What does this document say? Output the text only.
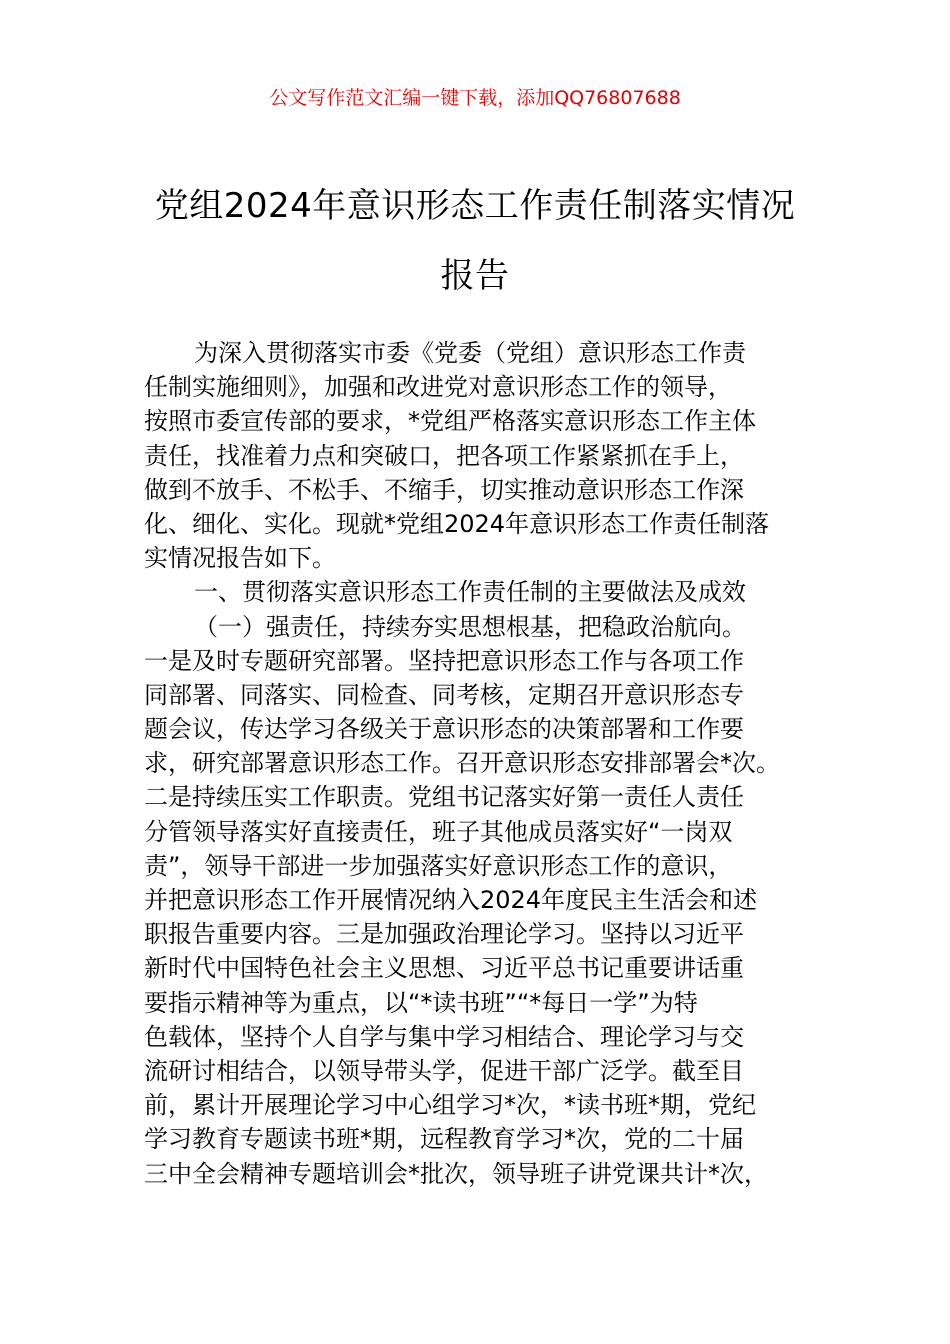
公文写作范文汇编一键下载，添加QQ76807688
党组2024年意识形态工作责任制落实情况
报告
为深入贯彻落实市委《党委（党组）意识形态工作责
任制实施细则》，加强和改进党对意识形态工作的领导，
按照市委宣传部的要求，*党组严格落实意识形态工作主体
责任，找准着力点和突破口，把各项工作紧紧抓在手上，
做到不放手、不松手、不缩手，切实推动意识形态工作深
化、细化、实化。现就*党组2024年意识形态工作责任制落
实情况报告如下。
一、贯彻落实意识形态工作责任制的主要做法及成效
（一）强责任，持续夯实思想根基，把稳政治航向。
一是及时专题研究部署。坚持把意识形态工作与各项工作
同部署、同落实、同检查、同考核，定期召开意识形态专
题会议，传达学习各级关于意识形态的决策部署和工作要
求，研究部署意识形态工作。召开意识形态安排部署会*次。
二是持续压实工作职责。党组书记落实好第一责任人责任
分管领导落实好直接责任，班子其他成员落实好“一岗双
责”，领导干部进一步加强落实好意识形态工作的意识，
并把意识形态工作开展情况纳入2024年度民主生活会和述
职报告重要内容。三是加强政治理论学习。坚持以习近平
新时代中国特色社会主义思想、习近平总书记重要讲话重
要指示精神等为重点，以“*读书班”“*每日一学”为特
色载体，坚持个人自学与集中学习相结合、理论学习与交
流研讨相结合，以领导带头学，促进干部广泛学。截至目
前，累计开展理论学习中心组学习*次，*读书班*期，党纪
学习教育专题读书班*期，远程教育学习*次，党的二十届
三中全会精神专题培训会*批次，领导班子讲党课共计*次，
